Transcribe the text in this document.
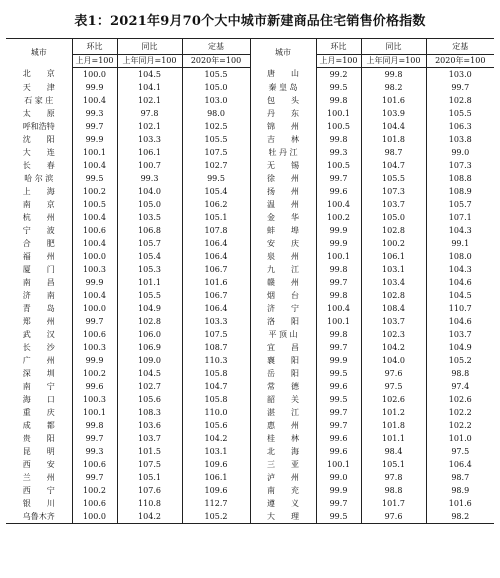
表1：2021年9月70个大中城市新建商品住宅销售价格指数
城市	环比	同比	定基	城市	环比	同比	定基
	上月=100	上年同月=100	2020年=100		上月=100	上年同月=100	2020年=100
北　　京	100.0	104.5	105.5	唐　　山	99.2	99.8	103.0
天　　津	99.9	104.1	105.0	秦 皇 岛	99.5	98.2	99.7
石 家 庄	100.4	102.1	103.0	包　　头	99.8	101.6	102.8
太　　原	99.3	97.8	98.0	丹　　东	100.1	103.9	105.5
呼和浩特	99.7	102.1	102.5	锦　　州	100.5	104.4	106.3
沈　　阳	99.9	103.3	105.5	吉　　林	99.8	101.8	103.8
大　　连	100.1	106.1	107.5	牡 丹 江	99.3	98.7	99.0
长　　春	100.4	100.7	102.7	无　　锡	100.5	104.7	107.3
哈 尔 滨	99.5	99.3	99.5	徐　　州	99.7	105.5	108.8
上　　海	100.2	104.0	105.4	扬　　州	99.6	107.3	108.9
南　　京	100.5	105.0	106.2	温　　州	100.4	103.7	105.7
杭　　州	100.4	103.5	105.1	金　　华	100.2	105.0	107.1
宁　　波	100.6	106.8	107.8	蚌　　埠	99.9	102.8	104.3
合　　肥	100.4	105.7	106.4	安　　庆	99.9	100.2	99.1
福　　州	100.0	105.4	106.4	泉　　州	100.1	106.1	108.0
厦　　门	100.3	105.3	106.7	九　　江	99.8	103.1	104.3
南　　昌	99.9	101.1	101.6	赣　　州	99.7	103.4	104.6
济　　南	100.4	105.5	106.7	烟　　台	99.8	102.8	104.5
青　　岛	100.0	104.9	106.4	济　　宁	100.4	108.4	110.7
郑　　州	99.7	102.8	103.3	洛　　阳	100.1	103.7	104.6
武　　汉	100.6	106.0	107.5	平 顶 山	99.8	102.3	103.7
长　　沙	100.3	106.9	108.7	宜　　昌	99.7	104.2	104.9
广　　州	99.9	109.0	110.3	襄　　阳	99.9	104.0	105.2
深　　圳	100.2	104.5	105.8	岳　　阳	99.5	97.6	98.8
南　　宁	99.6	102.7	104.7	常　　德	99.6	97.5	97.4
海　　口	100.3	105.6	105.8	韶　　关	99.5	102.6	102.6
重　　庆	100.1	108.3	110.0	湛　　江	99.7	101.2	102.2
成　　都	99.8	103.6	105.6	惠　　州	99.7	101.8	102.2
贵　　阳	99.7	103.7	104.2	桂　　林	99.6	101.1	101.0
昆　　明	99.3	101.5	103.1	北　　海	99.6	98.4	97.5
西　　安	100.6	107.5	109.6	三　　亚	100.1	105.1	106.4
兰　　州	99.7	105.1	106.1	泸　　州	99.0	97.8	98.7
西　　宁	100.2	107.6	109.6	南　　充	99.9	98.8	98.9
银　　川	100.6	110.8	112.7	遵　　义	99.7	101.7	101.6
乌鲁木齐	100.0	104.2	105.2	大　　理	99.5	97.6	98.2
